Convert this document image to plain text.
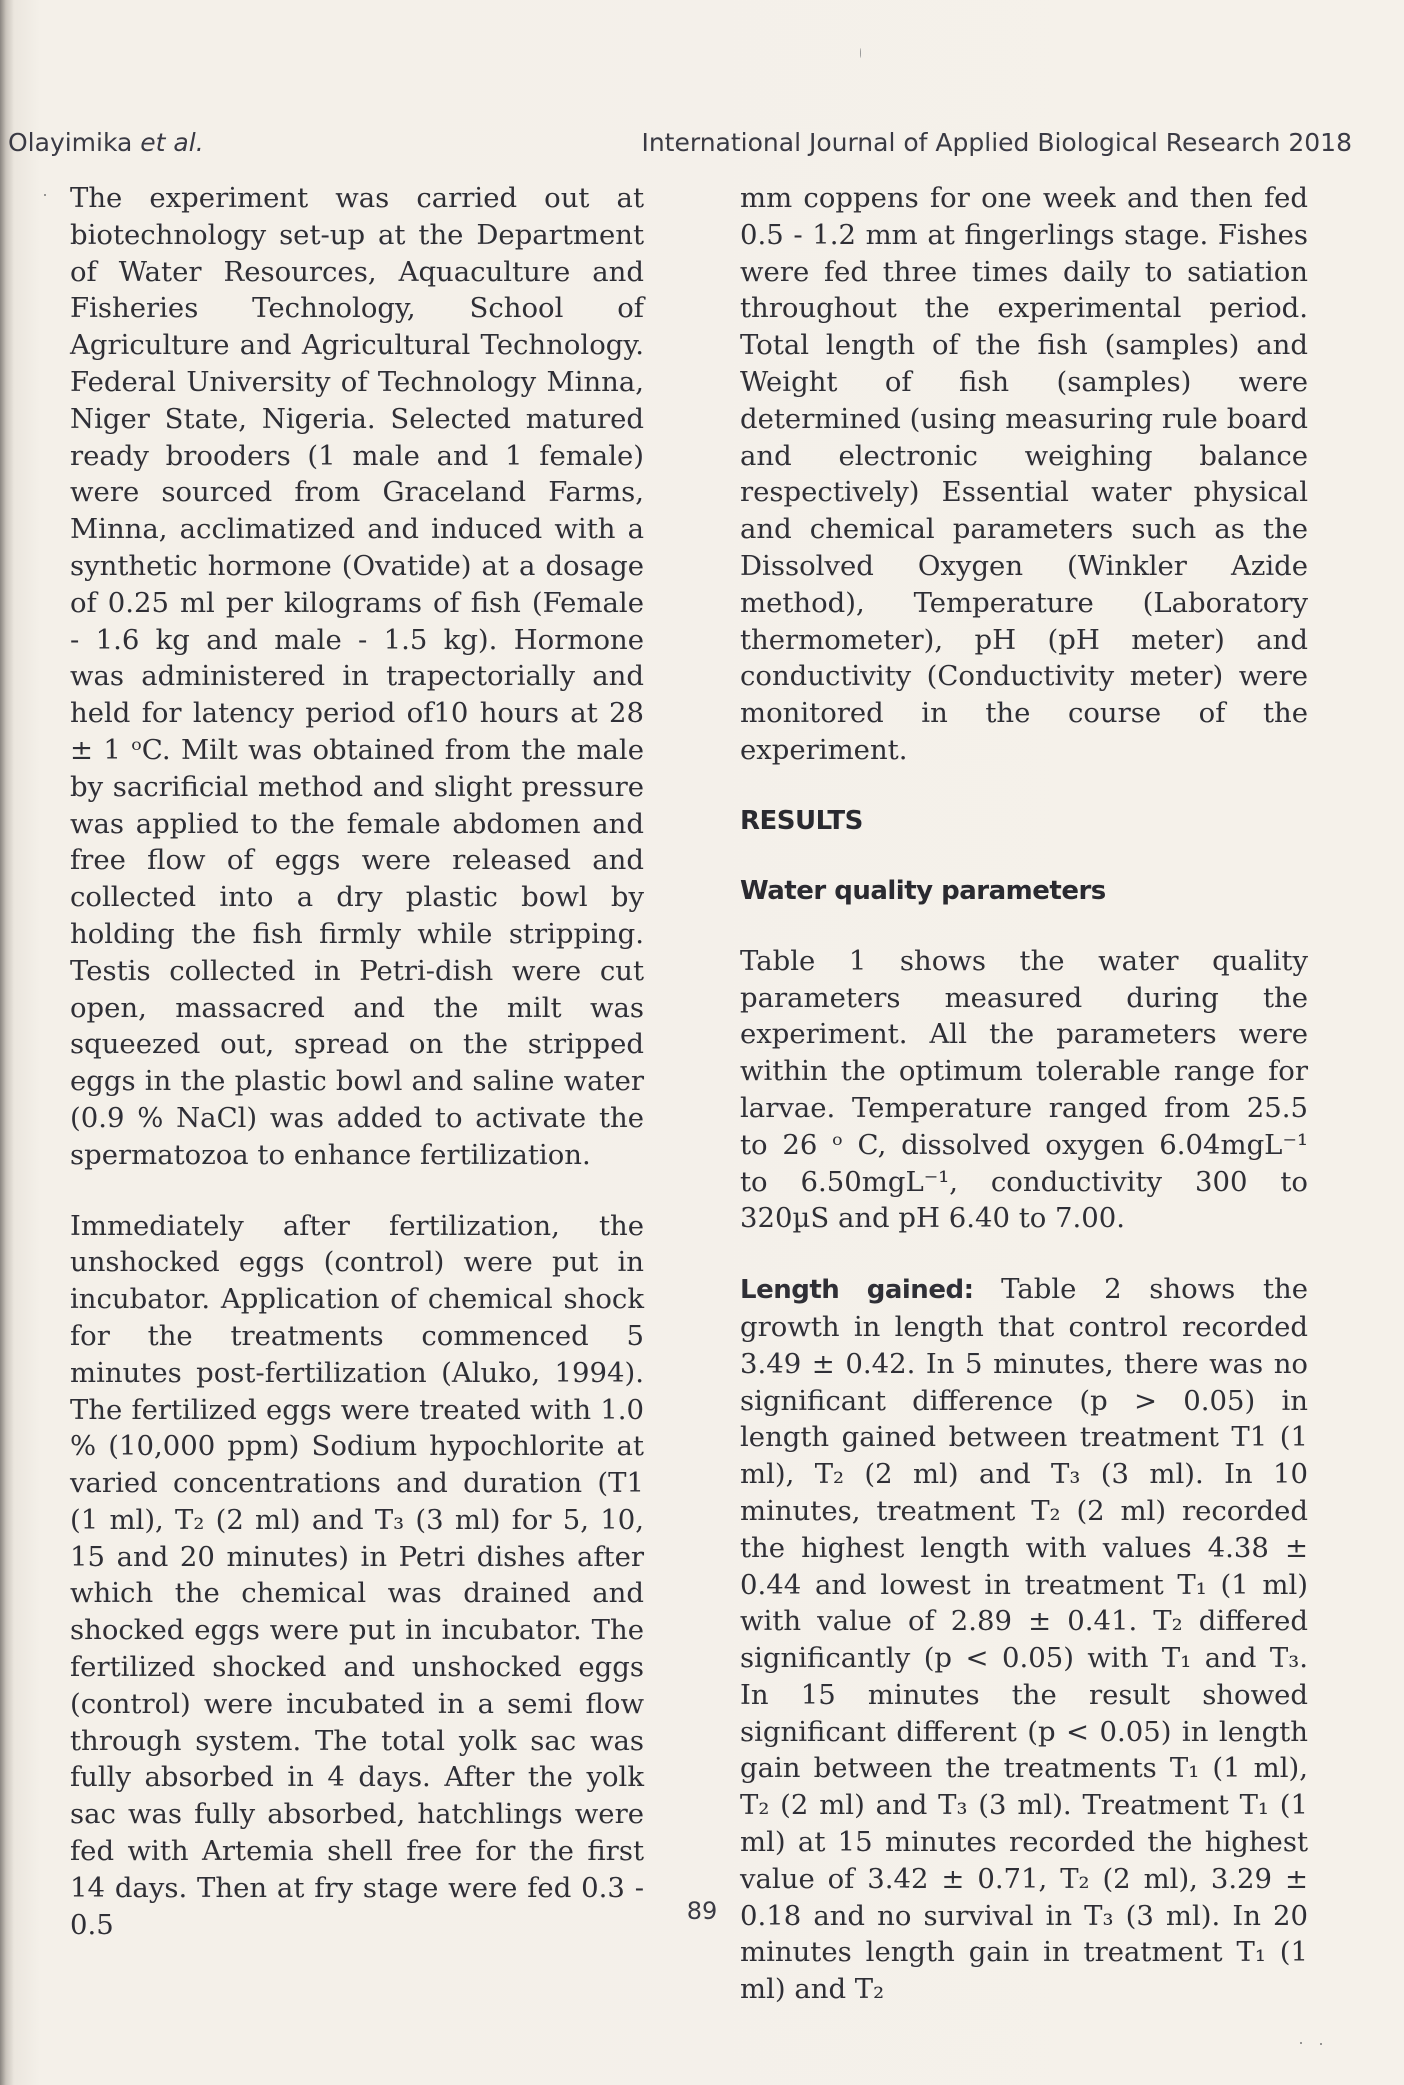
Olayimika et al.	International Journal of Applied Biological Research 2018

The experiment was carried out at biotechnology set-up at the Department of Water Resources, Aquaculture and Fisheries Technology, School of Agriculture and Agricultural Technology. Federal University of Technology Minna, Niger State, Nigeria. Selected matured ready brooders (1 male and 1 female) were sourced from Graceland Farms, Minna, acclimatized and induced with a synthetic hormone (Ovatide) at a dosage of 0.25 ml per kilograms of fish (Female - 1.6 kg and male - 1.5 kg). Hormone was administered in trapectorially and held for latency period of10 hours at 28 ± 1 ᵒC. Milt was obtained from the male by sacrificial method and slight pressure was applied to the female abdomen and free flow of eggs were released and collected into a dry plastic bowl by holding the fish firmly while stripping. Testis collected in Petri-dish were cut open, massacred and the milt was squeezed out, spread on the stripped eggs in the plastic bowl and saline water (0.9 % NaCl) was added to activate the spermatozoa to enhance fertilization.

Immediately after fertilization, the unshocked eggs (control) were put in incubator. Application of chemical shock for the treatments commenced 5 minutes post-fertilization (Aluko, 1994). The fertilized eggs were treated with 1.0 % (10,000 ppm) Sodium hypochlorite at varied concentrations and duration (T1 (1 ml), T₂ (2 ml) and T₃ (3 ml) for 5, 10, 15 and 20 minutes) in Petri dishes after which the chemical was drained and shocked eggs were put in incubator. The fertilized shocked and unshocked eggs (control) were incubated in a semi flow through system. The total yolk sac was fully absorbed in 4 days. After the yolk sac was fully absorbed, hatchlings were fed with Artemia shell free for the first 14 days. Then at fry stage were fed 0.3 - 0.5

mm coppens for one week and then fed 0.5 - 1.2 mm at fingerlings stage. Fishes were fed three times daily to satiation throughout the experimental period. Total length of the fish (samples) and Weight of fish (samples) were determined (using measuring rule board and electronic weighing balance respectively) Essential water physical and chemical parameters such as the Dissolved Oxygen (Winkler Azide method), Temperature (Laboratory thermometer), pH (pH meter) and conductivity (Conductivity meter) were monitored in the course of the experiment.

RESULTS
Water quality parameters

Table 1 shows the water quality parameters measured during the experiment. All the parameters were within the optimum tolerable range for larvae. Temperature ranged from 25.5 to 26 ᵒ C, dissolved oxygen 6.04mgL⁻¹ to 6.50mgL⁻¹, conductivity 300 to 320µS and pH 6.40 to 7.00.

Length gained: Table 2 shows the growth in length that control recorded 3.49 ± 0.42. In 5 minutes, there was no significant difference (p > 0.05) in length gained between treatment T1 (1 ml), T₂ (2 ml) and T₃ (3 ml). In 10 minutes, treatment T₂ (2 ml) recorded the highest length with values 4.38 ± 0.44 and lowest in treatment T₁ (1 ml) with value of 2.89 ± 0.41. T₂ differed significantly (p < 0.05) with T₁ and T₃. In 15 minutes the result showed significant different (p < 0.05) in length gain between the treatments T₁ (1 ml), T₂ (2 ml) and T₃ (3 ml). Treatment T₁ (1 ml) at 15 minutes recorded the highest value of 3.42 ± 0.71, T₂ (2 ml), 3.29 ± 0.18 and no survival in T₃ (3 ml). In 20 minutes length gain in treatment T₁ (1 ml) and T₂

89
